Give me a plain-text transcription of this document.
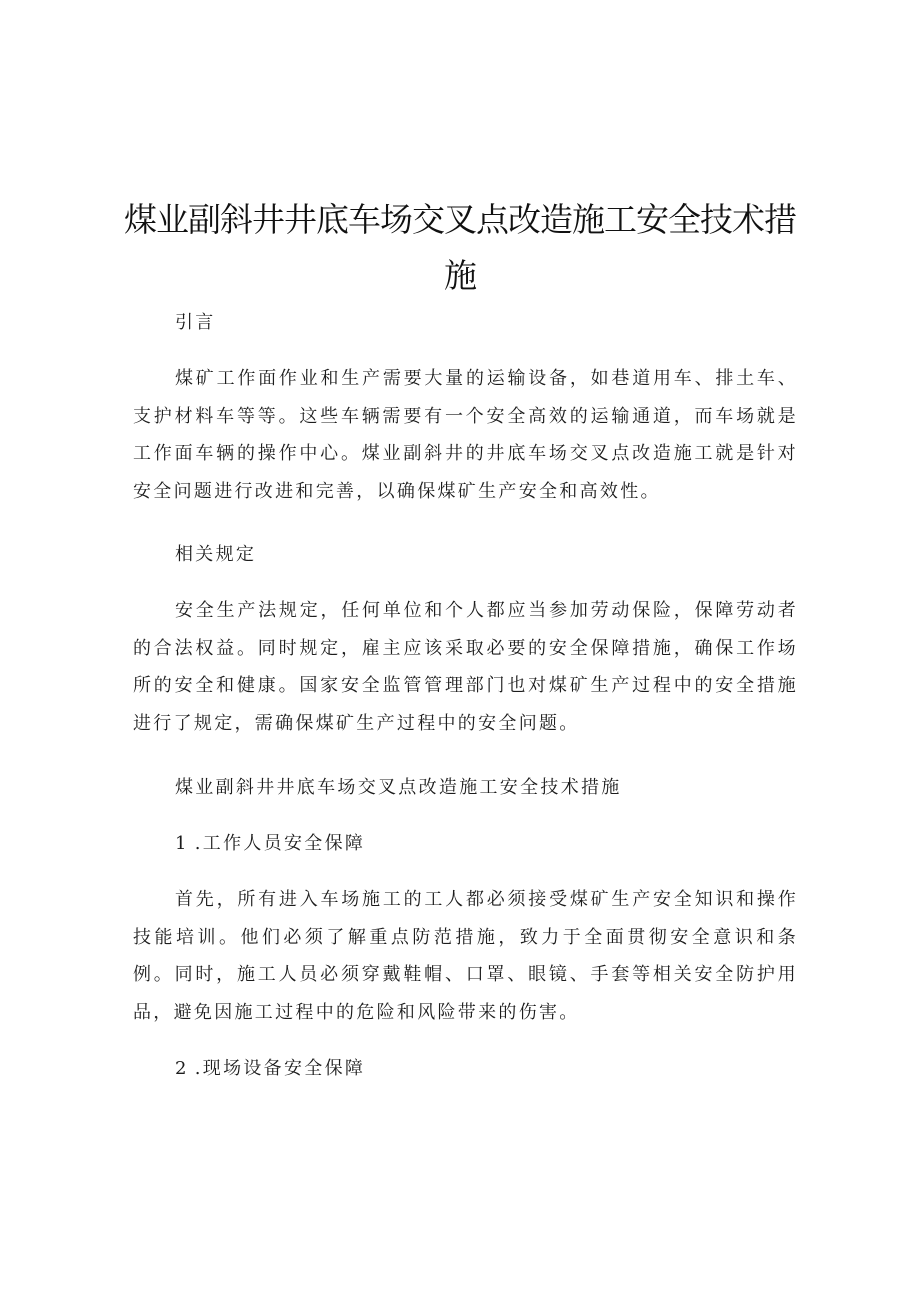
煤业副斜井井底车场交叉点改造施工安全技术措施

引言

煤矿工作面作业和生产需要大量的运输设备，如巷道用车、排土车、支护材料车等等。这些车辆需要有一个安全高效的运输通道，而车场就是工作面车辆的操作中心。煤业副斜井的井底车场交叉点改造施工就是针对安全问题进行改进和完善，以确保煤矿生产安全和高效性。

相关规定

安全生产法规定，任何单位和个人都应当参加劳动保险，保障劳动者的合法权益。同时规定，雇主应该采取必要的安全保障措施，确保工作场所的安全和健康。国家安全监管管理部门也对煤矿生产过程中的安全措施进行了规定，需确保煤矿生产过程中的安全问题。

煤业副斜井井底车场交叉点改造施工安全技术措施

1 .工作人员安全保障

首先，所有进入车场施工的工人都必须接受煤矿生产安全知识和操作技能培训。他们必须了解重点防范措施，致力于全面贯彻安全意识和条例。同时，施工人员必须穿戴鞋帽、口罩、眼镜、手套等相关安全防护用品，避免因施工过程中的危险和风险带来的伤害。

2 .现场设备安全保障
